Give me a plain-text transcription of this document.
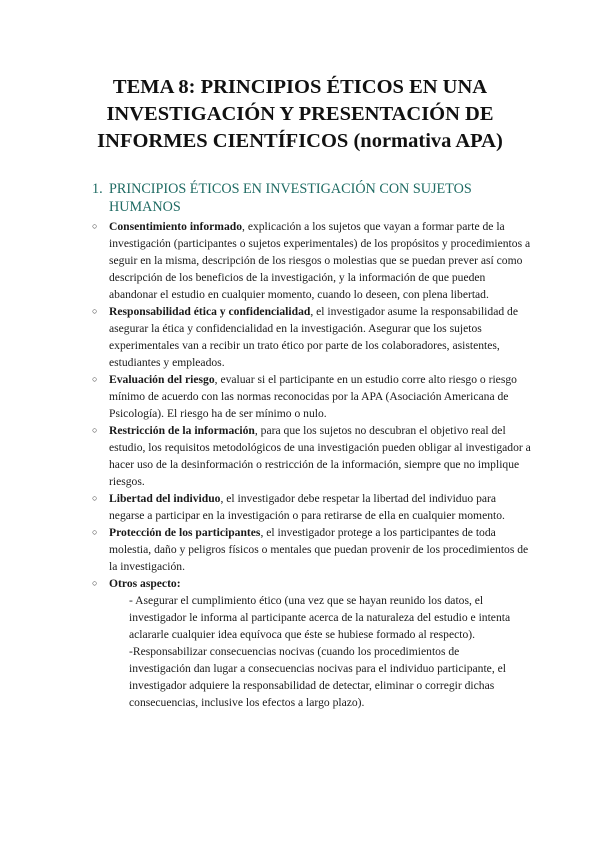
TEMA 8: PRINCIPIOS ÉTICOS EN UNA
INVESTIGACIÓN Y PRESENTACIÓN DE
INFORMES CIENTÍFICOS (normativa APA)
1. PRINCIPIOS ÉTICOS EN INVESTIGACIÓN CON SUJETOS
HUMANOS
○ Consentimiento informado, explicación a los sujetos que vayan a formar parte de la investigación (participantes o sujetos experimentales) de los propósitos y procedimientos a seguir en la misma, descripción de los riesgos o molestias que se puedan prever así como descripción de los beneficios de la investigación, y la información de que pueden abandonar el estudio en cualquier momento, cuando lo deseen, con plena libertad.
○ Responsabilidad ética y confidencialidad, el investigador asume la responsabilidad de asegurar la ética y confidencialidad en la investigación. Asegurar que los sujetos experimentales van a recibir un trato ético por parte de los colaboradores, asistentes, estudiantes y empleados.
○ Evaluación del riesgo, evaluar si el participante en un estudio corre alto riesgo o riesgo mínimo de acuerdo con las normas reconocidas por la APA (Asociación Americana de Psicología). El riesgo ha de ser mínimo o nulo.
○ Restricción de la información, para que los sujetos no descubran el objetivo real del estudio, los requisitos metodológicos de una investigación pueden obligar al investigador a hacer uso de la desinformación o restricción de la información, siempre que no implique riesgos.
○ Libertad del individuo, el investigador debe respetar la libertad del individuo para negarse a participar en la investigación o para retirarse de ella en cualquier momento.
○ Protección de los participantes, el investigador protege a los participantes de toda molestia, daño y peligros físicos o mentales que puedan provenir de los procedimientos de la investigación.
○ Otros aspecto:
- Asegurar el cumplimiento ético (una vez que se hayan reunido los datos, el investigador le informa al participante acerca de la naturaleza del estudio e intenta aclararle cualquier idea equívoca que éste se hubiese formado al respecto).
-Responsabilizar consecuencias nocivas (cuando los procedimientos de investigación dan lugar a consecuencias nocivas para el individuo participante, el investigador adquiere la responsabilidad de detectar, eliminar o corregir dichas consecuencias, inclusive los efectos a largo plazo).
